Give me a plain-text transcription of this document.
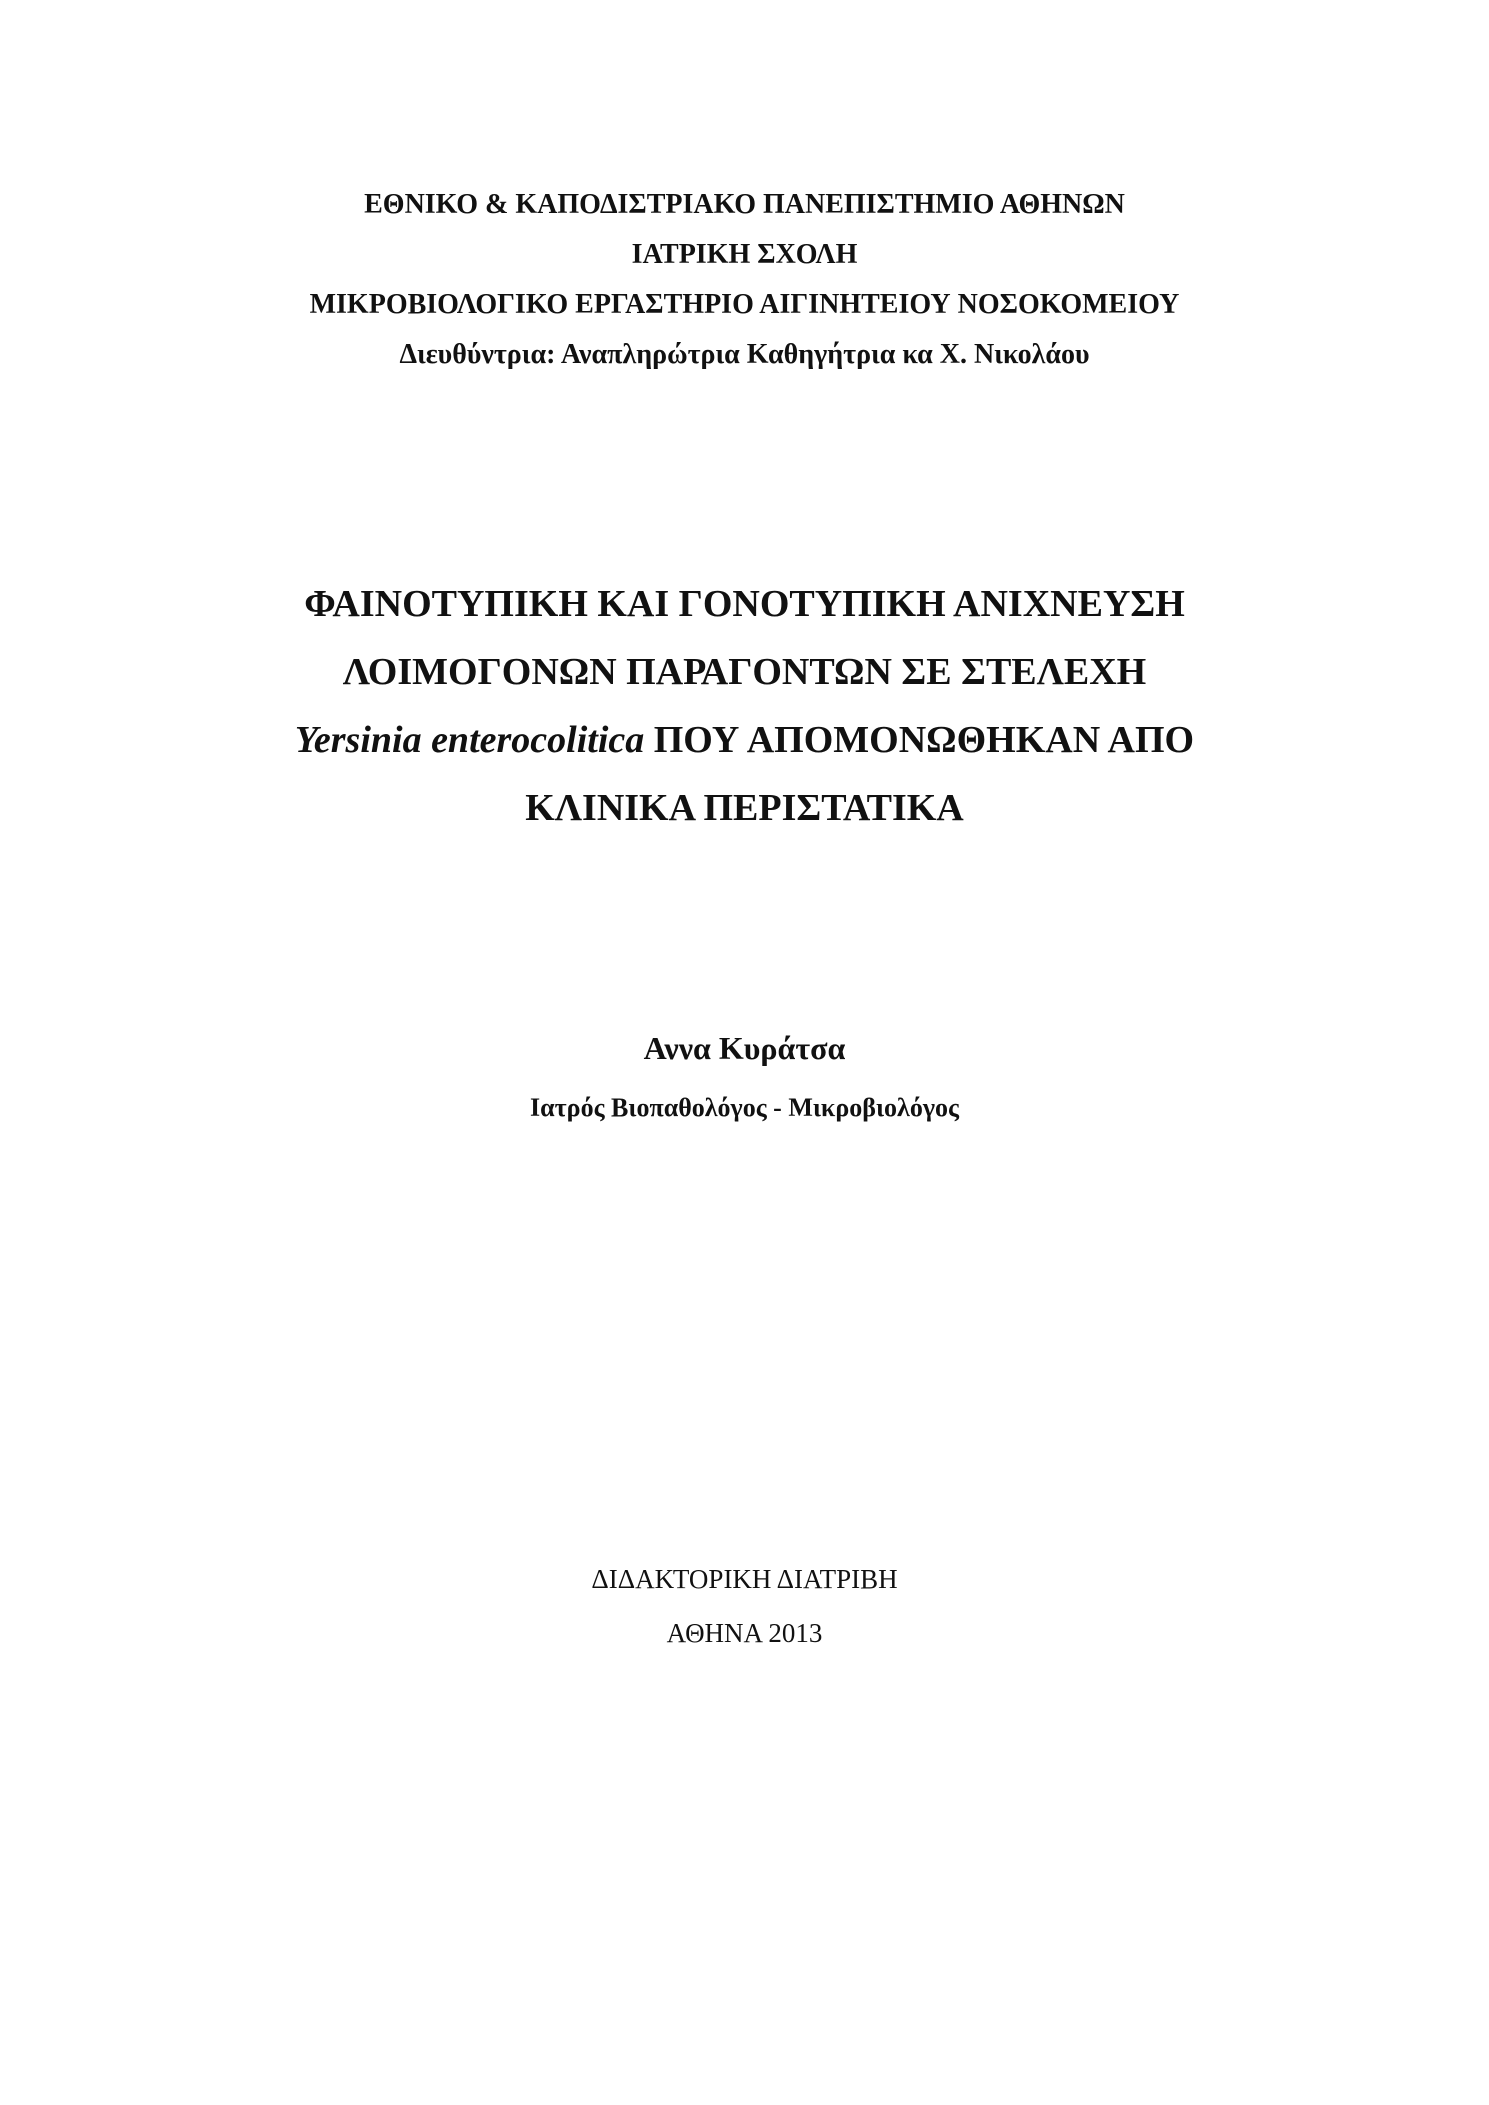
ΕΘΝΙΚΟ & ΚΑΠΟΔΙΣΤΡΙΑΚΟ ΠΑΝΕΠΙΣΤΗΜΙΟ ΑΘΗΝΩΝ
ΙΑΤΡΙΚΗ ΣΧΟΛΗ
ΜΙΚΡΟΒΙΟΛΟΓΙΚΟ ΕΡΓΑΣΤΗΡΙΟ ΑΙΓΙΝΗΤΕΙΟΥ ΝΟΣΟΚΟΜΕΙΟΥ
Διευθύντρια: Αναπληρώτρια Καθηγήτρια κα Χ. Νικολάου
ΦΑΙΝΟΤΥΠΙΚΗ ΚΑΙ ΓΟΝΟΤΥΠΙΚΗ ΑΝΙΧΝΕΥΣΗ
ΛΟΙΜΟΓΟΝΩΝ ΠΑΡΑΓΟΝΤΩΝ ΣΕ ΣΤΕΛΕΧΗ
Yersinia enterocolitica ΠΟΥ ΑΠΟΜΟΝΩΘΗΚΑΝ ΑΠΟ
ΚΛΙΝΙΚΑ ΠΕΡΙΣΤΑΤΙΚΑ
Αννα Κυράτσα
Ιατρός Βιοπαθολόγος - Μικροβιολόγος
ΔΙΔΑΚΤΟΡΙΚΗ ΔΙΑΤΡΙΒΗ
ΑΘΗΝΑ 2013
